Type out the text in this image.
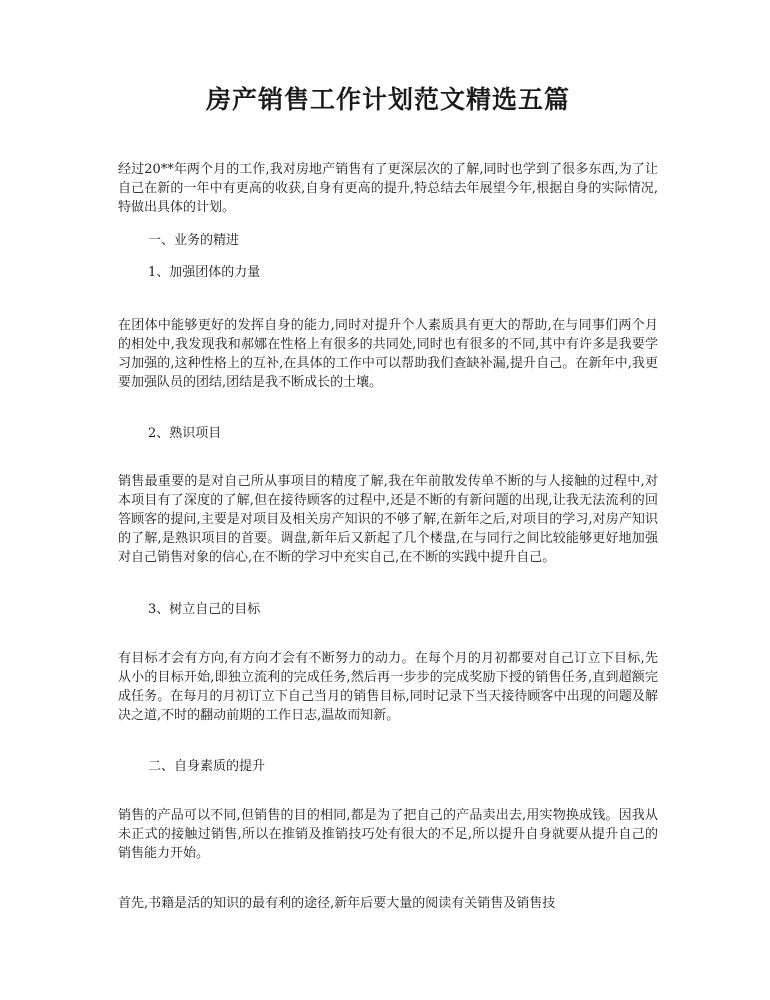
房产销售工作计划范文精选五篇

经过20**年两个月的工作,我对房地产销售有了更深层次的了解,同时也学到了很多东西,为了让自己在新的一年中有更高的收获,自身有更高的提升,特总结去年展望今年,根据自身的实际情况,特做出具体的计划。

一、业务的精进

1、加强团体的力量

在团体中能够更好的发挥自身的能力,同时对提升个人素质具有更大的帮助,在与同事们两个月的相处中,我发现我和郝娜在性格上有很多的共同处,同时也有很多的不同,其中有许多是我要学习加强的,这种性格上的互补,在具体的工作中可以帮助我们查缺补漏,提升自己。在新年中,我更要加强队员的团结,团结是我不断成长的土壤。

2、熟识项目

销售最重要的是对自己所从事项目的精度了解,我在年前散发传单不断的与人接触的过程中,对本项目有了深度的了解,但在接待顾客的过程中,还是不断的有新问题的出现,让我无法流利的回答顾客的提问,主要是对项目及相关房产知识的不够了解,在新年之后,对项目的学习,对房产知识的了解,是熟识项目的首要。调盘,新年后又新起了几个楼盘,在与同行之间比较能够更好地加强对自己销售对象的信心,在不断的学习中充实自己,在不断的实践中提升自己。

3、树立自己的目标

有目标才会有方向,有方向才会有不断努力的动力。在每个月的月初都要对自己订立下目标,先从小的目标开始,即独立流利的完成任务,然后再一步步的完成奖励下授的销售任务,直到超额完成任务。在每月的月初订立下自己当月的销售目标,同时记录下当天接待顾客中出现的问题及解决之道,不时的翻动前期的工作日志,温故而知新。

二、自身素质的提升

销售的产品可以不同,但销售的目的相同,都是为了把自己的产品卖出去,用实物换成钱。因我从未正式的接触过销售,所以在推销及推销技巧处有很大的不足,所以提升自身就要从提升自己的销售能力开始。

首先,书籍是活的知识的最有利的途径,新年后要大量的阅读有关销售及销售技
